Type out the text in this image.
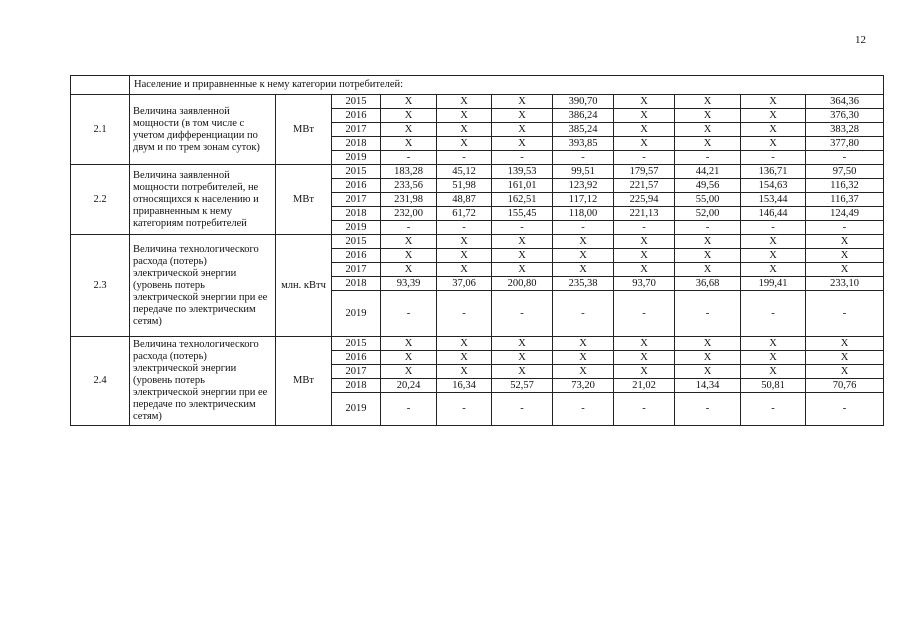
12
	Население и приравненные к нему категории потребителей:										
2.1	Величина заявленной мощности (в том числе с учетом дифференциации по двум и по трем зонам суток)	МВт	2015	X	X	X	390,70	X	X	X	364,36
			2016	X	X	X	386,24	X	X	X	376,30
			2017	X	X	X	385,24	X	X	X	383,28
			2018	X	X	X	393,85	X	X	X	377,80
			2019	-	-	-	-	-	-	-	-
2.2	Величина заявленной мощности потребителей, не относящихся к населению и приравненным к нему категориям потребителей	МВт	2015	183,28	45,12	139,53	99,51	179,57	44,21	136,71	97,50
			2016	233,56	51,98	161,01	123,92	221,57	49,56	154,63	116,32
			2017	231,98	48,87	162,51	117,12	225,94	55,00	153,44	116,37
			2018	232,00	61,72	155,45	118,00	221,13	52,00	146,44	124,49
			2019	-	-	-	-	-	-	-	-
2.3	Величина технологического расхода (потерь) электрической энергии (уровень потерь электрической энергии при ее передаче по электрическим сетям)	млн. кВтч	2015	X	X	X	X	X	X	X	X
			2016	X	X	X	X	X	X	X	X
			2017	X	X	X	X	X	X	X	X
			2018	93,39	37,06	200,80	235,38	93,70	36,68	199,41	233,10
			2019	-	-	-	-	-	-	-	-
2.4	Величина технологического расхода (потерь) электрической энергии (уровень потерь электрической энергии при ее передаче по электрическим сетям)	МВт	2015	X	X	X	X	X	X	X	X
			2016	X	X	X	X	X	X	X	X
			2017	X	X	X	X	X	X	X	X
			2018	20,24	16,34	52,57	73,20	21,02	14,34	50,81	70,76
			2019	-	-	-	-	-	-	-	-
